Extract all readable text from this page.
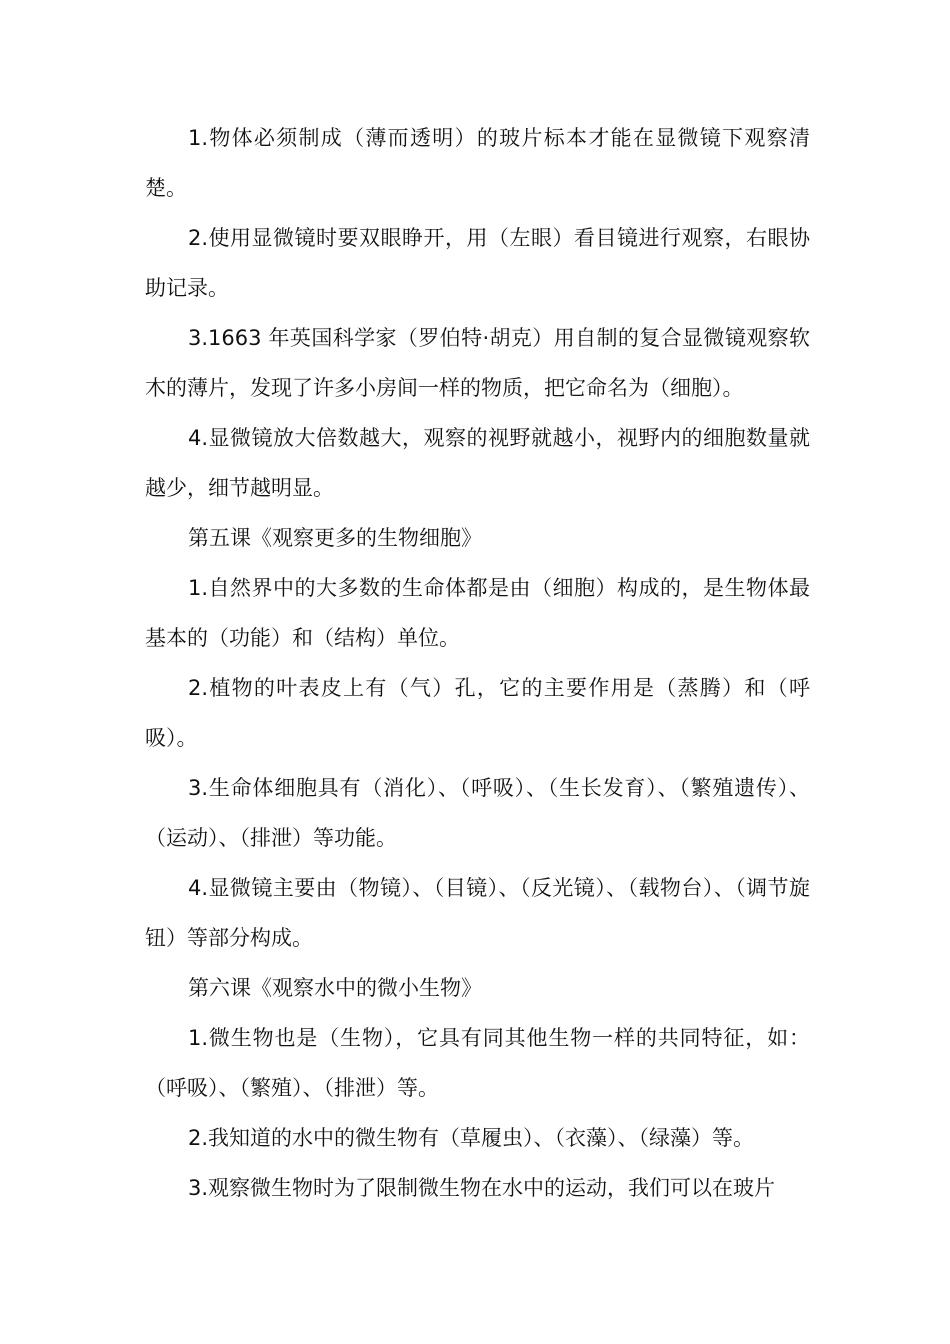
1.物体必须制成（薄而透明）的玻片标本才能在显微镜下观察清楚。

2.使用显微镜时要双眼睁开，用（左眼）看目镜进行观察，右眼协助记录。

3.1663 年英国科学家（罗伯特·胡克）用自制的复合显微镜观察软木的薄片，发现了许多小房间一样的物质，把它命名为（细胞）。

4.显微镜放大倍数越大，观察的视野就越小，视野内的细胞数量就越少，细节越明显。

第五课《观察更多的生物细胞》

1.自然界中的大多数的生命体都是由（细胞）构成的，是生物体最基本的（功能）和（结构）单位。

2.植物的叶表皮上有（气）孔，它的主要作用是（蒸腾）和（呼吸）。

3.生命体细胞具有（消化）、（呼吸）、（生长发育）、（繁殖遗传）、（运动）、（排泄）等功能。

4.显微镜主要由（物镜）、（目镜）、（反光镜）、（载物台）、（调节旋钮）等部分构成。

第六课《观察水中的微小生物》

1.微生物也是（生物），它具有同其他生物一样的共同特征，如：（呼吸）、（繁殖）、（排泄）等。

2.我知道的水中的微生物有（草履虫）、（衣藻）、（绿藻）等。

3.观察微生物时为了限制微生物在水中的运动，我们可以在玻片
